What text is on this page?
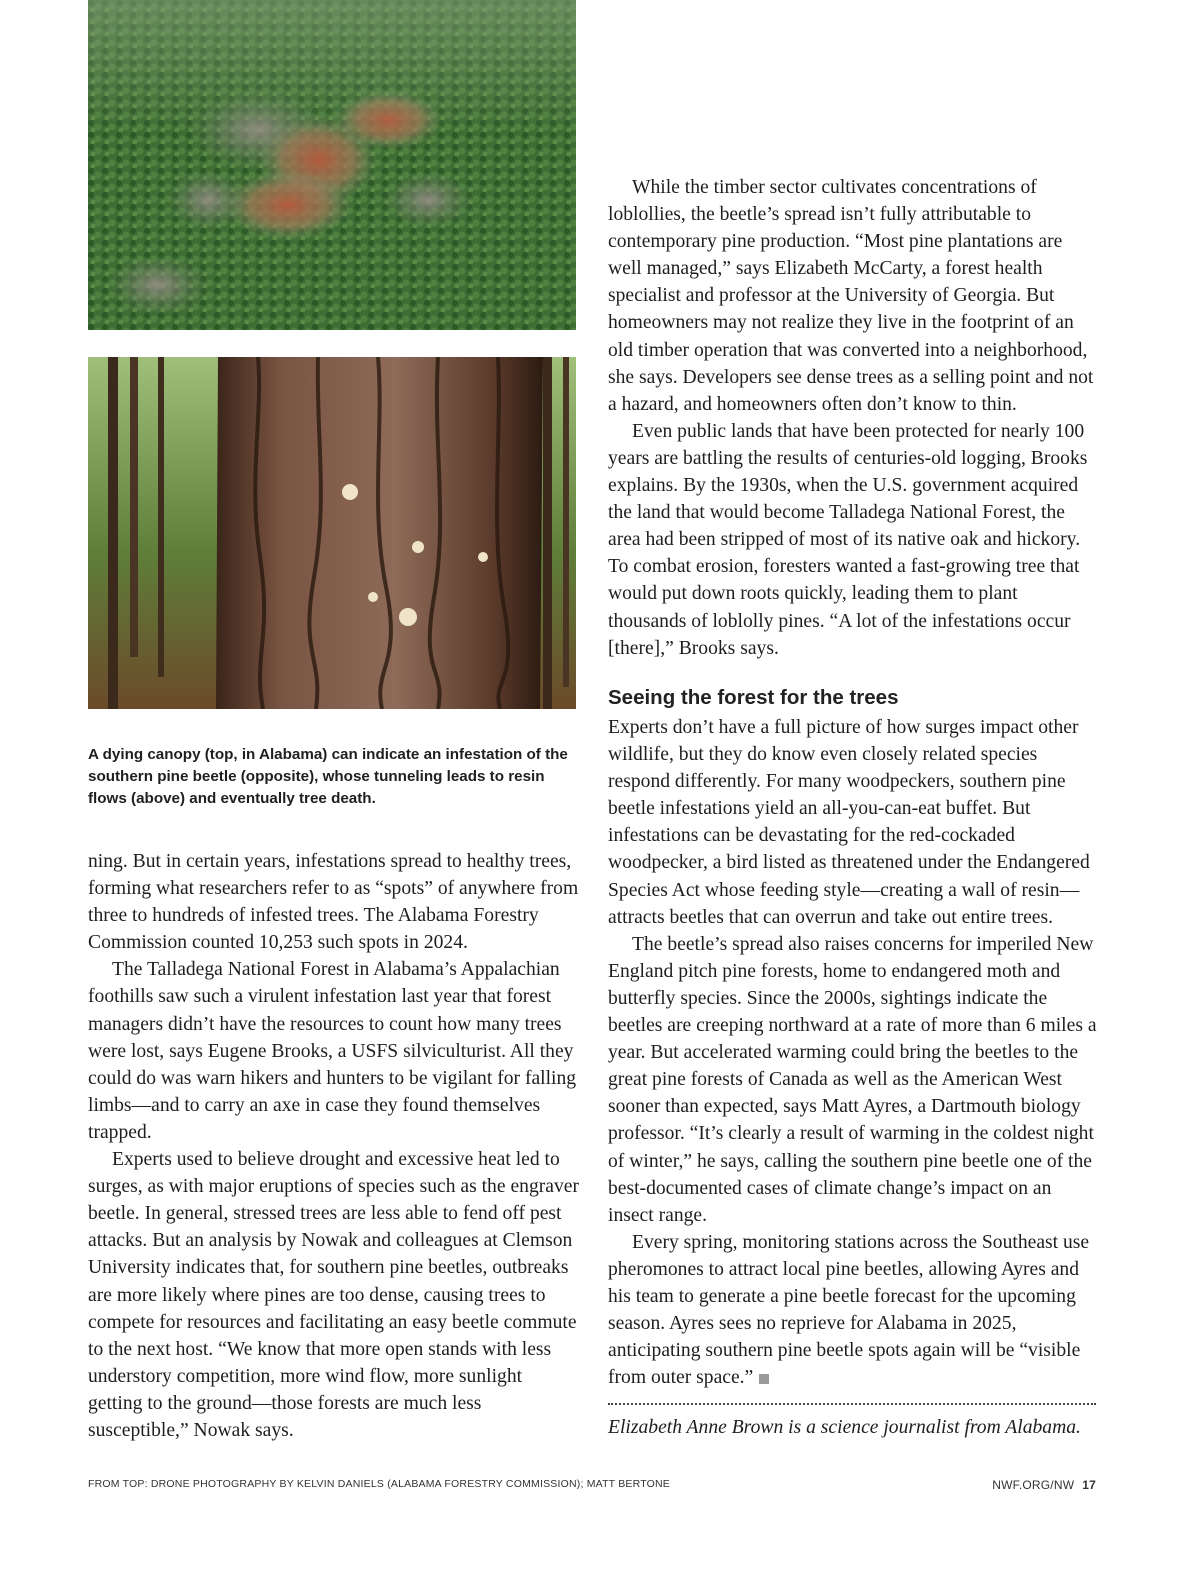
A dying canopy (top, in Alabama) can indicate an infestation of the southern pine beetle (opposite), whose tunneling leads to resin flows (above) and eventually tree death.

ning. But in certain years, infestations spread to healthy trees, forming what researchers refer to as “spots” of anywhere from three to hundreds of infested trees. The Alabama Forestry Commission counted 10,253 such spots in 2024.

The Talladega National Forest in Alabama’s Appalachian foothills saw such a virulent infestation last year that forest managers didn’t have the resources to count how many trees were lost, says Eugene Brooks, a USFS silviculturist. All they could do was warn hikers and hunters to be vigilant for falling limbs—and to carry an axe in case they found themselves trapped.

Experts used to believe drought and excessive heat led to surges, as with major eruptions of species such as the engraver beetle. In general, stressed trees are less able to fend off pest attacks. But an analysis by Nowak and colleagues at Clemson University indicates that, for southern pine beetles, outbreaks are more likely where pines are too dense, causing trees to compete for resources and facilitating an easy beetle commute to the next host. “We know that more open stands with less understory competition, more wind flow, more sunlight getting to the ground—those forests are much less susceptible,” Nowak says.

While the timber sector cultivates concentrations of loblollies, the beetle’s spread isn’t fully attributable to contemporary pine production. “Most pine plantations are well managed,” says Elizabeth McCarty, a forest health specialist and professor at the University of Georgia. But homeowners may not realize they live in the footprint of an old timber operation that was converted into a neighborhood, she says. Developers see dense trees as a selling point and not a hazard, and homeowners often don’t know to thin.

Even public lands that have been protected for nearly 100 years are battling the results of centuries-old logging, Brooks explains. By the 1930s, when the U.S. government acquired the land that would become Talladega National Forest, the area had been stripped of most of its native oak and hickory. To combat erosion, foresters wanted a fast-growing tree that would put down roots quickly, leading them to plant thousands of loblolly pines. “A lot of the infestations occur [there],” Brooks says.

Seeing the forest for the trees

Experts don’t have a full picture of how surges impact other wildlife, but they do know even closely related species respond differently. For many woodpeckers, southern pine beetle infestations yield an all-you-can-eat buffet. But infestations can be devastating for the red-cockaded woodpecker, a bird listed as threatened under the Endangered Species Act whose feeding style—creating a wall of resin—attracts beetles that can overrun and take out entire trees.

The beetle’s spread also raises concerns for imperiled New England pitch pine forests, home to endangered moth and butterfly species. Since the 2000s, sightings indicate the beetles are creeping northward at a rate of more than 6 miles a year. But accelerated warming could bring the beetles to the great pine forests of Canada as well as the American West sooner than expected, says Matt Ayres, a Dartmouth biology professor. “It’s clearly a result of warming in the coldest night of winter,” he says, calling the southern pine beetle one of the best-documented cases of climate change’s impact on an insect range.

Every spring, monitoring stations across the Southeast use pheromones to attract local pine beetles, allowing Ayres and his team to generate a pine beetle forecast for the upcoming season. Ayres sees no reprieve for Alabama in 2025, anticipating southern pine beetle spots again will be “visible from outer space.”

Elizabeth Anne Brown is a science journalist from Alabama.
FROM TOP: DRONE PHOTOGRAPHY BY KELVIN DANIELS (ALABAMA FORESTRY COMMISSION); MATT BERTONE	NWF.ORG/NW 17
